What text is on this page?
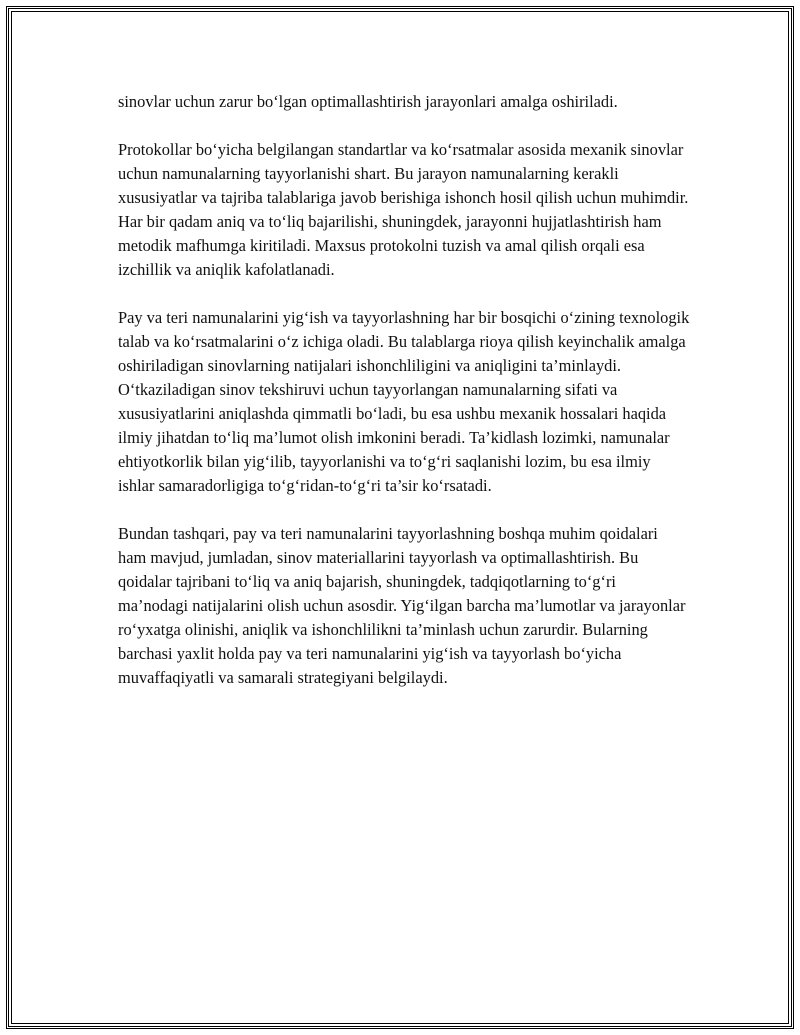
sinovlar uchun zarur bo‘lgan optimallashtirish jarayonlari amalga oshiriladi.

Protokollar bo‘yicha belgilangan standartlar va ko‘rsatmalar asosida mexanik sinovlar uchun namunalarning tayyorlanishi shart. Bu jarayon namunalarning kerakli xususiyatlar va tajriba talablariga javob berishiga ishonch hosil qilish uchun muhimdir. Har bir qadam aniq va to‘liq bajarilishi, shuningdek, jarayonni hujjatlashtirish ham metodik mafhumga kiritiladi. Maxsus protokolni tuzish va amal qilish orqali esa izchillik va aniqlik kafolatlanadi.

Pay va teri namunalarini yig‘ish va tayyorlashning har bir bosqichi o‘zining texnologik talab va ko‘rsatmalarini o‘z ichiga oladi. Bu talablarga rioya qilish keyinchalik amalga oshiriladigan sinovlarning natijalari ishonchliligini va aniqligini ta’minlaydi. O‘tkaziladigan sinov tekshiruvi uchun tayyorlangan namunalarning sifati va xususiyatlarini aniqlashda qimmatli bo‘ladi, bu esa ushbu mexanik hossalari haqida ilmiy jihatdan to‘liq ma’lumot olish imkonini beradi. Ta’kidlash lozimki, namunalar ehtiyotkorlik bilan yig‘ilib, tayyorlanishi va to‘g‘ri saqlanishi lozim, bu esa ilmiy ishlar samaradorligiga to‘g‘ridan-to‘g‘ri ta’sir ko‘rsatadi.

Bundan tashqari, pay va teri namunalarini tayyorlashning boshqa muhim qoidalari ham mavjud, jumladan, sinov materiallarini tayyorlash va optimallashtirish. Bu qoidalar tajribani to‘liq va aniq bajarish, shuningdek, tadqiqotlarning to‘g‘ri ma’nodagi natijalarini olish uchun asosdir. Yig‘ilgan barcha ma’lumotlar va jarayonlar ro‘yxatga olinishi, aniqlik va ishonchlilikni ta’minlash uchun zarurdir. Bularning barchasi yaxlit holda pay va teri namunalarini yig‘ish va tayyorlash bo‘yicha muvaffaqiyatli va samarali strategiyani belgilaydi.
